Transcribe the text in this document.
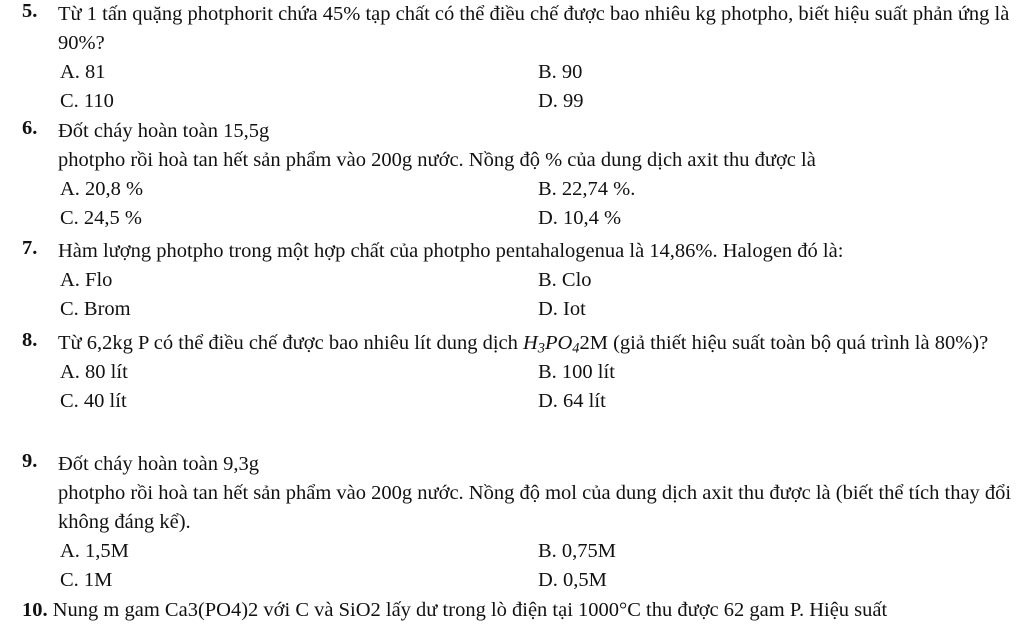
5. Từ 1 tấn quặng photphorit chứa 45% tạp chất có thể điều chế được bao nhiêu kg photpho, biết hiệu suất phản ứng là 90%?
A. 81	B. 90
C. 110	D. 99
6. Đốt cháy hoàn toàn 15,5g
photpho rồi hoà tan hết sản phẩm vào 200g nước. Nồng độ % của dung dịch axit thu được là
A. 20,8 %	B. 22,74 %.
C. 24,5 %	D. 10,4 %
7. Hàm lượng photpho trong một hợp chất của photpho pentahalogenua là 14,86%. Halogen đó là:
A. Flo	B. Clo
C. Brom	D. Iot
8. Từ 6,2kg P có thể điều chế được bao nhiêu lít dung dịch $H_3PO_42M$ (giả thiết hiệu suất toàn bộ quá trình là 80%)?
A. 80 lít	B. 100 lít
C. 40 lít	D. 64 lít
9. Đốt cháy hoàn toàn 9,3g
photpho rồi hoà tan hết sản phẩm vào 200g nước. Nồng độ mol của dung dịch axit thu được là (biết thể tích thay đổi không đáng kể).
A. 1,5M	B. 0,75M
C. 1M	D. 0,5M
10. Nung m gam Ca3(PO4)2 với C và SiO2 lấy dư trong lò điện tại 1000°C thu được 62 gam P. Hiệu suất
